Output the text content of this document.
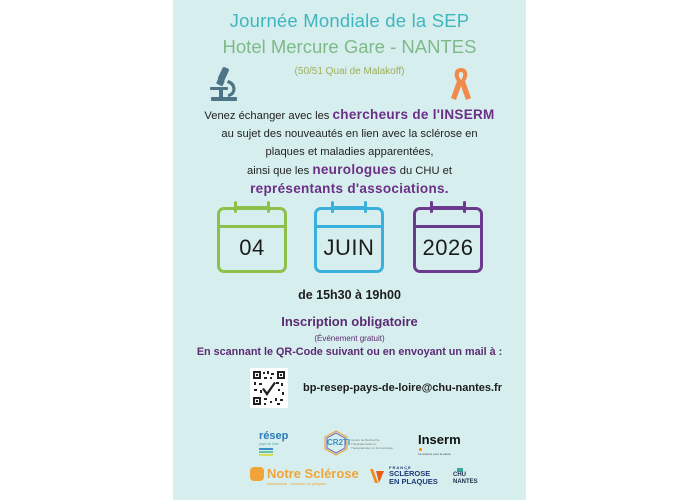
Journée Mondiale de la SEP
Hotel Mercure Gare - NANTES
(50/51 Quai de Malakoff)
Venez échanger avec les chercheurs de l'INSERM
au sujet des nouveautés en lien avec la sclérose en
plaques et maladies apparentées,
ainsi que les neurologues du CHU et
représentants d'associations.
04	JUIN 2026
de 15h30 à 19h00
Inscription obligatoire
(Événement gratuit)
En scannant le QR-Code suivant ou en envoyant un mail à :
bp-resep-pays-de-loire@chu-nantes.fr
résep
pays de loire	CR2TI Centre de Recherche Translationnelle en Transplantation et Immunologie
Inserm
La science pour la santé
Notre Sclérose
association - sclérose en plaques
FRANCE
SCLÉROSE
EN PLAQUES
CHU
NANTES
